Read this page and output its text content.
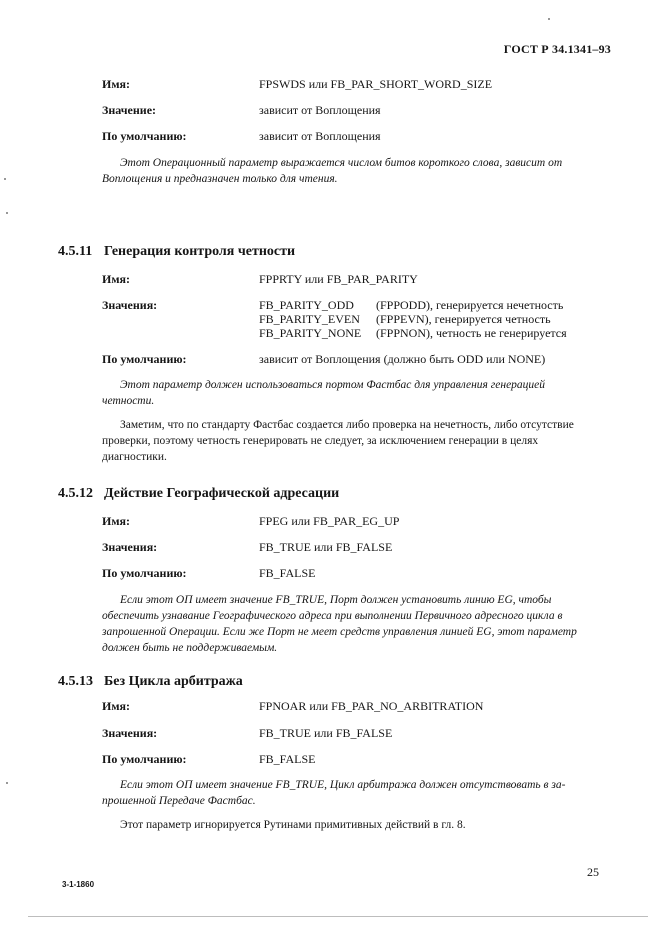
ГОСТ Р 34.1341–93
Имя:	FPSWDS или FB_PAR_SHORT_WORD_SIZE
Значение:	зависит от Воплощения
По умолчанию:	зависит от Воплощения
Этот Операционный параметр выражается числом битов короткого слова, зависит от
Воплощения и предназначен только для чтения.
4.5.11 Генерация контроля четности
Имя:	FPPRTY или FB_PAR_PARITY
Значения:	FB_PARITY_ODD	(FPPODD), генерируется нечетность
FB_PARITY_EVEN	(FPPEVN), генерируется четность
FB_PARITY_NONE	(FPPNON), четность не генерируется
По умолчанию:	зависит от Воплощения (должно быть ODD или NONE)
Этот параметр должен использоваться портом Фастбас для управления генерацией
четности.
Заметим, что по стандарту Фастбас создается либо проверка на нечетность, либо отсутствие
проверки, поэтому четность генерировать не следует, за исключением генерации в целях
диагностики.
4.5.12 Действие Географической адресации
Имя:	FPEG или FB_PAR_EG_UP
Значения:	FB_TRUE или FB_FALSE
По умолчанию:	FB_FALSE
Если этот ОП имеет значение FB_TRUE, Порт должен установить линию EG, чтобы
обеспечить узнавание Географического адреса при выполнении Первичного адресного цикла в
запрошенной Операции. Если же Порт не меет средств управления линией EG, этот параметр
должен быть не поддерживаемым.
4.5.13 Без Цикла арбитража
Имя:	FPNOAR или FB_PAR_NO_ARBITRATION
Значения:	FB_TRUE или FB_FALSE
По умолчанию:	FB_FALSE
Если этот ОП имеет значение FB_TRUE, Цикл арбитража должен отсутствовать в за-
прошенной Передаче Фастбас.
Этот параметр игнорируется Рутинами примитивных действий в гл. 8.
25
3-1-1860
